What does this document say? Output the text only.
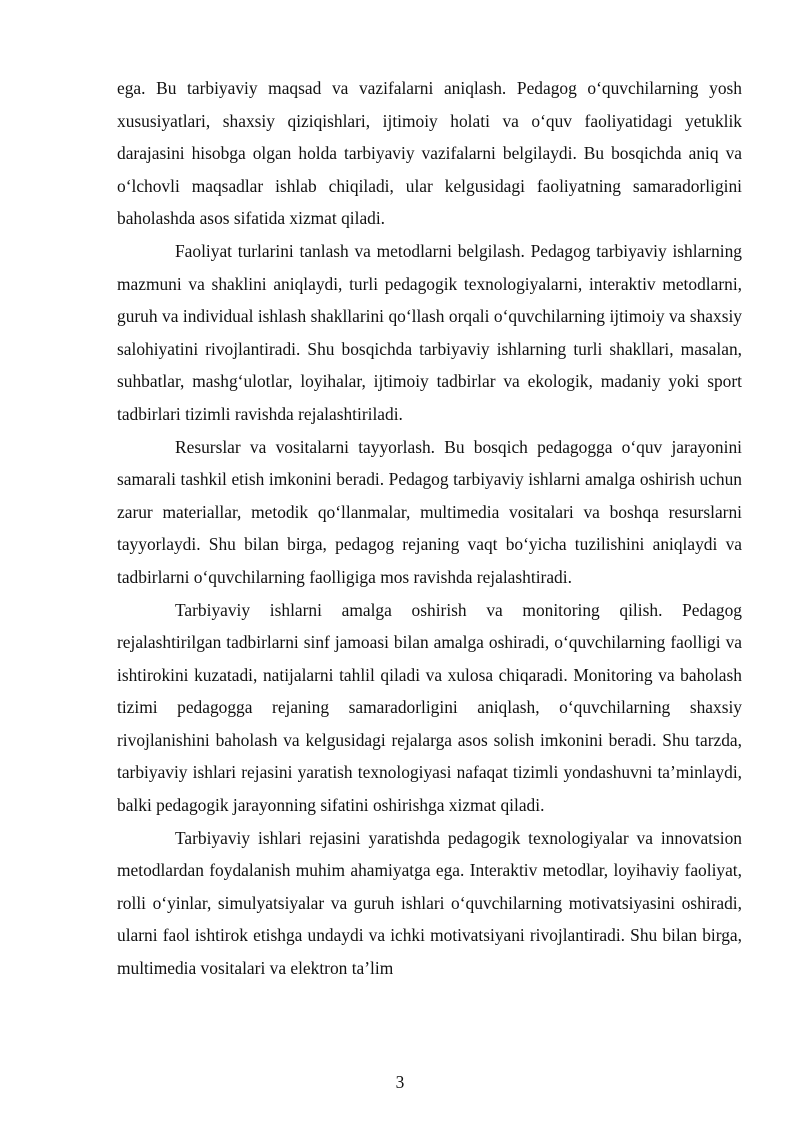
ega. Bu tarbiyaviy maqsad va vazifalarni aniqlash. Pedagog o‘quvchilarning yosh xususiyatlari, shaxsiy qiziqishlari, ijtimoiy holati va o‘quv faoliyatidagi yetuklik darajasini hisobga olgan holda tarbiyaviy vazifalarni belgilaydi. Bu bosqichda aniq va o‘lchovli maqsadlar ishlab chiqiladi, ular kelgusidagi faoliyatning samaradorligini baholashda asos sifatida xizmat qiladi.

Faoliyat turlarini tanlash va metodlarni belgilash. Pedagog tarbiyaviy ishlarning mazmuni va shaklini aniqlaydi, turli pedagogik texnologiyalarni, interaktiv metodlarni, guruh va individual ishlash shakllarini qo‘llash orqali o‘quvchilarning ijtimoiy va shaxsiy salohiyatini rivojlantiradi. Shu bosqichda tarbiyaviy ishlarning turli shakllari, masalan, suhbatlar, mashg‘ulotlar, loyihalar, ijtimoiy tadbirlar va ekologik, madaniy yoki sport tadbirlari tizimli ravishda rejalashtiriladi.

Resurslar va vositalarni tayyorlash. Bu bosqich pedagogga o‘quv jarayonini samarali tashkil etish imkonini beradi. Pedagog tarbiyaviy ishlarni amalga oshirish uchun zarur materiallar, metodik qo‘llanmalar, multimedia vositalari va boshqa resurslarni tayyorlaydi. Shu bilan birga, pedagog rejaning vaqt bo‘yicha tuzilishini aniqlaydi va tadbirlarni o‘quvchilarning faolligiga mos ravishda rejalashtiradi.

Tarbiyaviy ishlarni amalga oshirish va monitoring qilish. Pedagog rejalashtirilgan tadbirlarni sinf jamoasi bilan amalga oshiradi, o‘quvchilarning faolligi va ishtirokini kuzatadi, natijalarni tahlil qiladi va xulosa chiqaradi. Monitoring va baholash tizimi pedagogga rejaning samaradorligini aniqlash, o‘quvchilarning shaxsiy rivojlanishini baholash va kelgusidagi rejalarga asos solish imkonini beradi. Shu tarzda, tarbiyaviy ishlari rejasini yaratish texnologiyasi nafaqat tizimli yondashuvni ta’minlaydi, balki pedagogik jarayonning sifatini oshirishga xizmat qiladi.

Tarbiyaviy ishlari rejasini yaratishda pedagogik texnologiyalar va innovatsion metodlardan foydalanish muhim ahamiyatga ega. Interaktiv metodlar, loyihaviy faoliyat, rolli o‘yinlar, simulyatsiyalar va guruh ishlari o‘quvchilarning motivatsiyasini oshiradi, ularni faol ishtirok etishga undaydi va ichki motivatsiyani rivojlantiradi. Shu bilan birga, multimedia vositalari va elektron ta’lim

3
